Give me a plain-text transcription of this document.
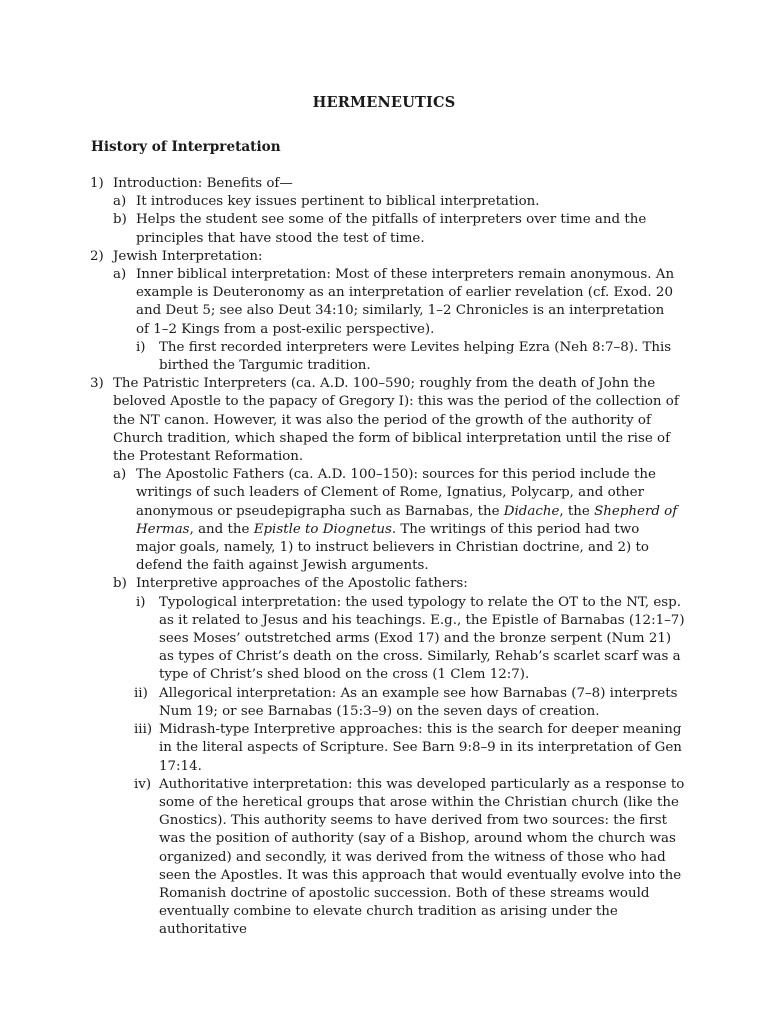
HERMENEUTICS
History of Interpretation
1) Introduction: Benefits of—
a) It introduces key issues pertinent to biblical interpretation.
b) Helps the student see some of the pitfalls of interpreters over time and the principles that have stood the test of time.
2) Jewish Interpretation:
a) Inner biblical interpretation: Most of these interpreters remain anonymous. An example is Deuteronomy as an interpretation of earlier revelation (cf. Exod. 20 and Deut 5; see also Deut 34:10; similarly, 1–2 Chronicles is an interpretation of 1–2 Kings from a post-exilic perspective).
i) The first recorded interpreters were Levites helping Ezra (Neh 8:7–8). This birthed the Targumic tradition.
3) The Patristic Interpreters (ca. A.D. 100–590; roughly from the death of John the beloved Apostle to the papacy of Gregory I): this was the period of the collection of the NT canon. However, it was also the period of the growth of the authority of Church tradition, which shaped the form of biblical interpretation until the rise of the Protestant Reformation.
a) The Apostolic Fathers (ca. A.D. 100–150): sources for this period include the writings of such leaders of Clement of Rome, Ignatius, Polycarp, and other anonymous or pseudepigrapha such as Barnabas, the Didache, the Shepherd of Hermas, and the Epistle to Diognetus. The writings of this period had two major goals, namely, 1) to instruct believers in Christian doctrine, and 2) to defend the faith against Jewish arguments.
b) Interpretive approaches of the Apostolic fathers:
i) Typological interpretation: the used typology to relate the OT to the NT, esp. as it related to Jesus and his teachings. E.g., the Epistle of Barnabas (12:1–7) sees Moses’ outstretched arms (Exod 17) and the bronze serpent (Num 21) as types of Christ’s death on the cross. Similarly, Rehab’s scarlet scarf was a type of Christ’s shed blood on the cross (1 Clem 12:7).
ii) Allegorical interpretation: As an example see how Barnabas (7–8) interprets Num 19; or see Barnabas (15:3–9) on the seven days of creation.
iii) Midrash-type Interpretive approaches: this is the search for deeper meaning in the literal aspects of Scripture. See Barn 9:8–9 in its interpretation of Gen 17:14.
iv) Authoritative interpretation: this was developed particularly as a response to some of the heretical groups that arose within the Christian church (like the Gnostics). This authority seems to have derived from two sources: the first was the position of authority (say of a Bishop, around whom the church was organized) and secondly, it was derived from the witness of those who had seen the Apostles. It was this approach that would eventually evolve into the Romanish doctrine of apostolic succession. Both of these streams would eventually combine to elevate church tradition as arising under the authoritative
